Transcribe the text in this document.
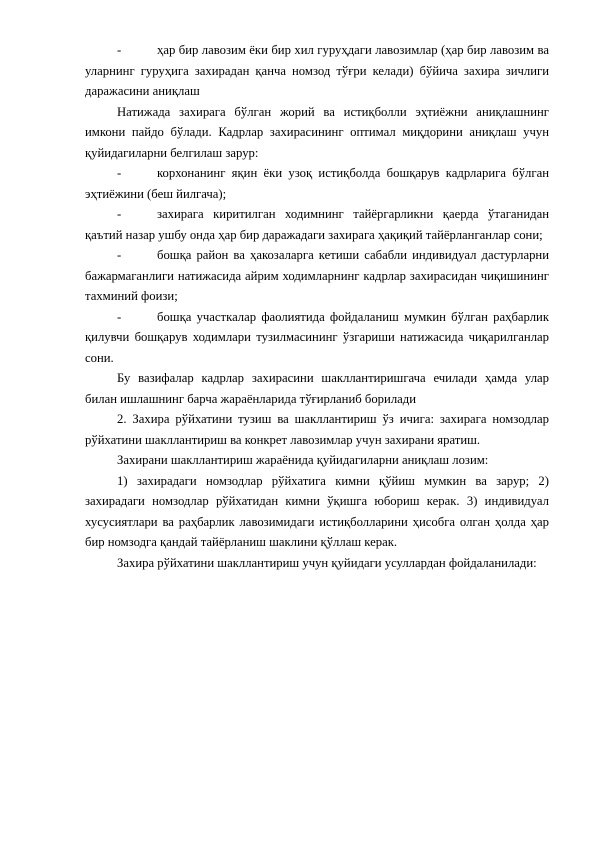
-	ҳар бир лавозим ёки бир хил гуруҳдаги лавозимлар (ҳар бир лавозим ва уларнинг гуруҳига захирадан қанча номзод тўғри келади) бўйича захира зичлиги даражасини аниқлаш

Натижада захирага бўлган жорий ва истиқболли эҳтиёжни аниқлашнинг имкони пайдо бўлади. Кадрлар захирасининг оптимал миқдорини аниқлаш учун қуйидагиларни белгилаш зарур:

-	корхонанинг яқин ёки узоқ истиқболда бошқарув кадрларига бўлган эҳтиёжини (беш йилгача);

-	захирага киритилган ходимнинг тайёргарликни қаерда ўтаганидан қаътий назар ушбу онда ҳар бир даражадаги захирага ҳақиқий тайёрланганлар сони;

-	бошқа район ва ҳакозаларга кетиши сабабли индивидуал дастурларни бажармаганлиги натижасида айрим ходимларнинг кадрлар захирасидан чиқишининг тахминий фоизи;

-	бошқа участкалар фаолиятида фойдаланиш мумкин бўлган раҳбарлик қилувчи бошқарув ходимлари тузилмасининг ўзгариши натижасида чиқарилганлар сони.

Бу вазифалар кадрлар захирасини шакллантиришгача ечилади ҳамда улар билан ишлашнинг барча жараёнларида тўғирланиб борилади

2. Захира рўйхатини тузиш ва шакллантириш ўз ичига: захирага номзодлар рўйхатини шакллантириш ва конкрет лавозимлар учун захирани яратиш.

Захирани шакллантириш жараёнида қуйидагиларни аниқлаш лозим:

1) захирадаги номзодлар рўйхатига кимни қўйиш мумкин ва зарур; 2) захирадаги номзодлар рўйхатидан кимни ўқишга юбориш керак. 3) индивидуал хусусиятлари ва раҳбарлик лавозимидаги истиқболларини ҳисобга олган ҳолда ҳар бир номзодга қандай тайёрланиш шаклини қўллаш керак.

Захира рўйхатини шакллантириш учун қуйидаги усуллардан фойдаланилади:
